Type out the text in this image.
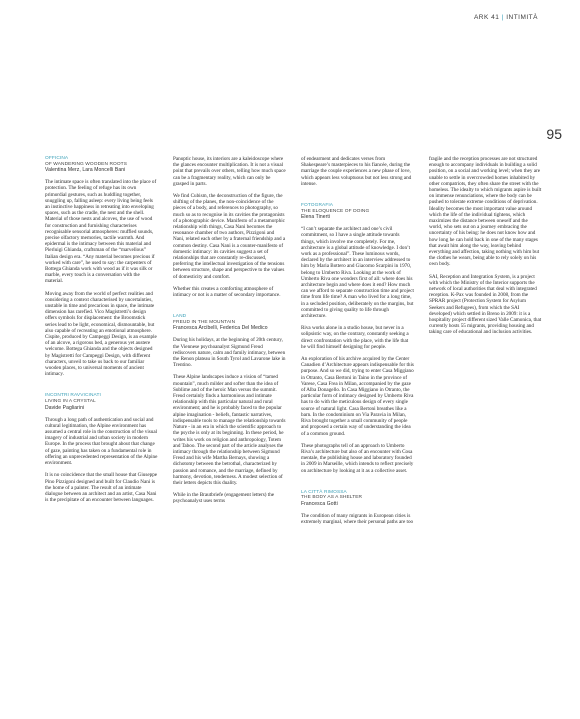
ARK 41 | INTIMITÀ
95
OFFICINA
OF WANDERING WOODEN ROOTS
Valentina Merz, Lara Moncelli Bani

The intimate space is often translated into the place of protection. The feeling of refuge has its own primordial gestures, such as huddling together, snuggling up, falling asleep: every living being feels an instinctive happiness in retreating into enveloping spaces, such as the cradle, the nest and the shell. Material of those nests and alcoves, the use of wood for construction and furnishing characterises recognisable sensorial atmospheres: muffled sounds, precise olfactory memories, tactile warmth. And epidermal is the intimacy between this material and Pierluigi Ghianda, craftsman of the “marvellous” Italian design era. “Any material becomes precious if worked with care”, he used to say: the carpenters of Bottega Ghianda work with wood as if it was silk or marble, every touch is a conversation with the material.

Moving away from the world of perfect realities and considering a context characterised by uncertainties, unstable in time and precarious in space, the intimate dimension has rarefied. Vico Magistretti’s design offers symbols for displacement: the Broomstick series lead to be light, economical, dismountable, but also capable of recreating an emotional atmosphere. Cispite, produced by Campeggi Design, is an example of an alcove, a rigorous bed, a generous yet austere welcome. Bottega Ghianda and the objects designed by Magistretti for Campeggi Design, with different characters, unveil to take us back to our familiar wooden places, to universal moments of ancient intimacy.

INCONTRI RAVVICINATI
LIVING IN A CRYSTAL
Davide Pagliarini

Through a long path of authentication and social and cultural legitimation, the Alpine environment has assumed a central role in the construction of the visual imagery of industrial and urban society in modern Europe. In the process that brought about that change of gaze, painting has taken on a fundamental role in offering an unprecedented representation of the Alpine environment.

It is no coincidence that the small house that Giuseppe Pino Pizzigoni designed and built for Claudio Nani is the home of a painter. The result of an intimate dialogue between an architect and an artist, Casa Nani is the precipitate of an encounter between languages.

Panoptic house, its interiors are a kaleidoscope where the glances encounter multiplication. It is not a visual point that prevails over others, telling how much space can be a fragmentary reality, which can only be grasped in parts.

We find Cubism, the deconstruction of the figure, the shifting of the planes, the non-coincidence of the pieces of a body, and references to photography, so much so as to recognise in its cavities the protagonists of a photographic device. Manifesto of a metamorphic relationship with things, Casa Nani becomes the resonance chamber of two authors, Pizzigoni and Nani, related each other by a fraternal friendship and a common destiny. Casa Nani is a counter-manifesto of domestic intimacy: its cavities suggest a set of relationships that are constantly re-discussed, preferring the intellectual investigation of the tensions between structure, shape and perspective to the values of domesticity and comfort.

Whether this creates a comforting atmosphere of intimacy or not is a matter of secondary importance.

LAND
FREUD IN THE MOUNTAIN
Francesca Arcibelli, Federica Del Medico

During his holidays, at the beginning of 20th century, the Viennese psychoanalyst Sigmund Freud rediscovers nature, calm and family intimacy, between the Renon plateau in South Tyrol and Lavarone lake in Trentino.

These Alpine landscapes induce a vision of “tamed mountain”, much milder and softer than the idea of Sublime and of the heroic Man versus the summit. Freud certainly finds a harmonious and intimate relationship with this particular natural and rural environment; and he is probably faced to the popular alpine imagination - beliefs, fantastic narratives, indispensable tools to manage the relationship towards Nature - in an era in which the scientific approach to the psyche is only at its beginning. In these period, he writes his work on religion and anthropology, Totem and Taboo. The second part of the article analyses the intimacy through the relationship between Sigmund Freud and his wife Martha Bernays, showing a dichotomy between the betrothal, characterized by passion and romance, and the marriage, defined by harmony, devotion, tenderness. A modest selection of their letters depicts this duality.

While in the Brautbriefe (engagement letters) the psychoanalyst uses terms

of endearment and dedicates verses from Shakespeare’s masterpieces to his fiancée, during the marriage the couple experiences a new phase of love, which appears less voluptuous but not less strong and intense.

FOTOGRAFIA
THE ELOQUENCE OF DOING
Elena Tinerti

“I can’t separate the architect and one’s civil commitment, so I have a single attitude towards things, which involve me completely. For me, architecture is a global attitude of knowledge. I don’t work as a professional”. These luminous words, declared by the architect in an interview addressed to him by Maria Bottero and Giacomo Scarpini in 1970, belong to Umberto Riva. Looking at the work of Umberto Riva one wonders first of all: where does his architecture begin and where does it end? How much can we afford to separate construction time and project time from life time? A man who lived for a long time, in a secluded position, deliberately on the margins, but committed to giving quality to life through architecture.

Riva works alone in a studio house, but never in a solipsistic way, on the contrary, constantly seeking a direct confrontation with the place, with the life that he will find himself designing for people.

An exploration of his archive acquired by the Center Canadien d’Architecture appears indispensable for this purpose. And so we did, trying to enter Casa Miggiano in Otranto, Casa Bertoni in Taino in the province of Varese, Casa Frea in Milan, accompanied by the gaze of Alba Donagello. In Casa Miggiano in Otranto, the particular form of intimacy designed by Umberto Riva has to do with the meticulous design of every single source of natural light. Casa Bertoni breathes like a barn. In the condominium on Via Paravia in Milan, Riva brought together a small community of people and proposed a certain way of understanding the idea of a common ground.

These photographs tell of an approach to Umberto Riva’s architecture but also of an encounter with Cosa mentale, the publishing house and laboratory founded in 2009 in Marseille, which intends to reflect precisely on architecture by looking at it as a collective asset.

LA CITTÀ RIMOSSA
THE BODY AS A SHELTER
Francesca Gotti

The condition of many migrants in European cities is extremely marginal, where their personal paths are too

fragile and the reception processes are not structured enough to accompany individuals in building a solid position, on a social and working level; when they are unable to settle in overcrowded homes inhabited by other compatriots, they often share the street with the homeless. The idealty to which migrants aspire is built on immense renunciations, where the body can be pushed to tolerate extreme conditions of deprivation. Ideality becomes the most important value around which the life of the individual tightens, which maximizes the distance between oneself and the world, who sets out on a journey embracing the uncertainty of his being: he does not know how and how long he can hold back in one of the many stages that await him along the way, leaving behind everything and affection, taking nothing with him but the clothes he wears, being able to rely solely on his own body.

SAI, Reception and Integration System, is a project with which the Ministry of the Interior supports the network of local authorities that deal with integrated reception. K-Pax was founded in 2008, from the SPRAR project (Protection System for Asylum Seekers and Refugees), from which the SAI developed) which settled in Breno in 2009: it is a hospitality project different sized Valle Camonica, that currently hosts 55 migrants, providing housing and taking care of educational and inclusion activities.
